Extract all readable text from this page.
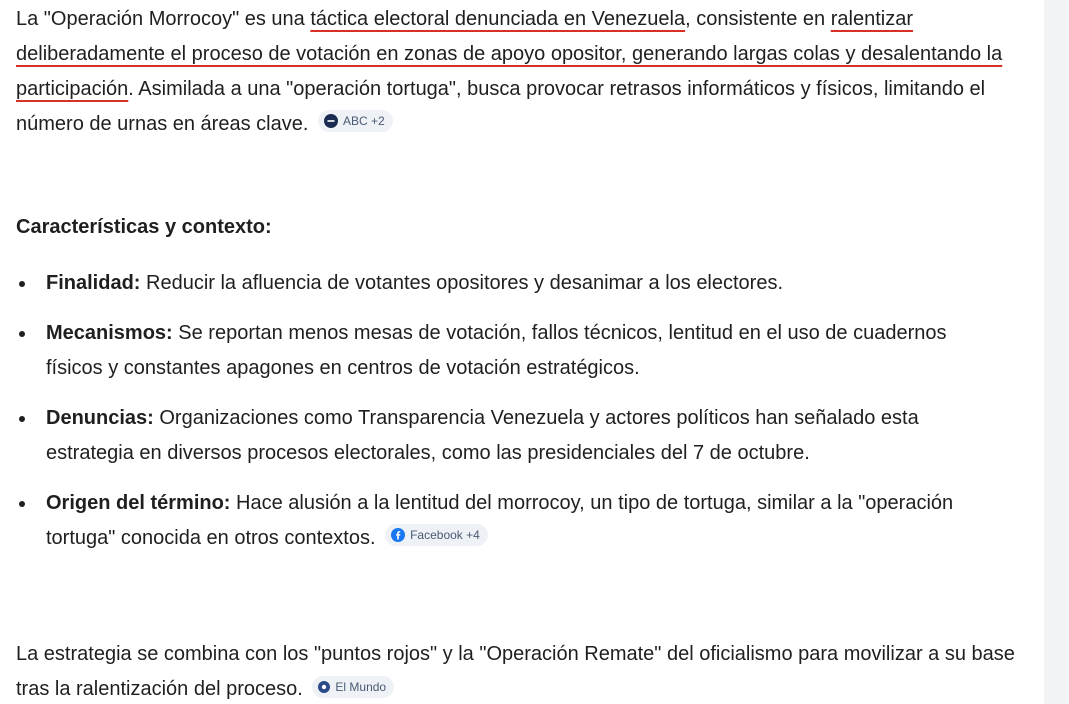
La "Operación Morrocoy" es una táctica electoral denunciada en Venezuela, consistente en ralentizar deliberadamente el proceso de votación en zonas de apoyo opositor, generando largas colas y desalentando la participación. Asimilada a una "operación tortuga", busca provocar retrasos informáticos y físicos, limitando el número de urnas en áreas clave.	ABC +2

Características y contexto:
Finalidad: Reducir la afluencia de votantes opositores y desanimar a los electores.
Mecanismos: Se reportan menos mesas de votación, fallos técnicos, lentitud en el uso de cuadernos físicos y constantes apagones en centros de votación estratégicos.
Denuncias: Organizaciones como Transparencia Venezuela y actores políticos han señalado esta estrategia en diversos procesos electorales, como las presidenciales del 7 de octubre.
Origen del término: Hace alusión a la lentitud del morrocoy, un tipo de tortuga, similar a la "operación tortuga" conocida en otros contextos.	Facebook +4

La estrategia se combina con los "puntos rojos" y la "Operación Remate" del oficialismo para movilizar a su base tras la ralentización del proceso.	El Mundo
